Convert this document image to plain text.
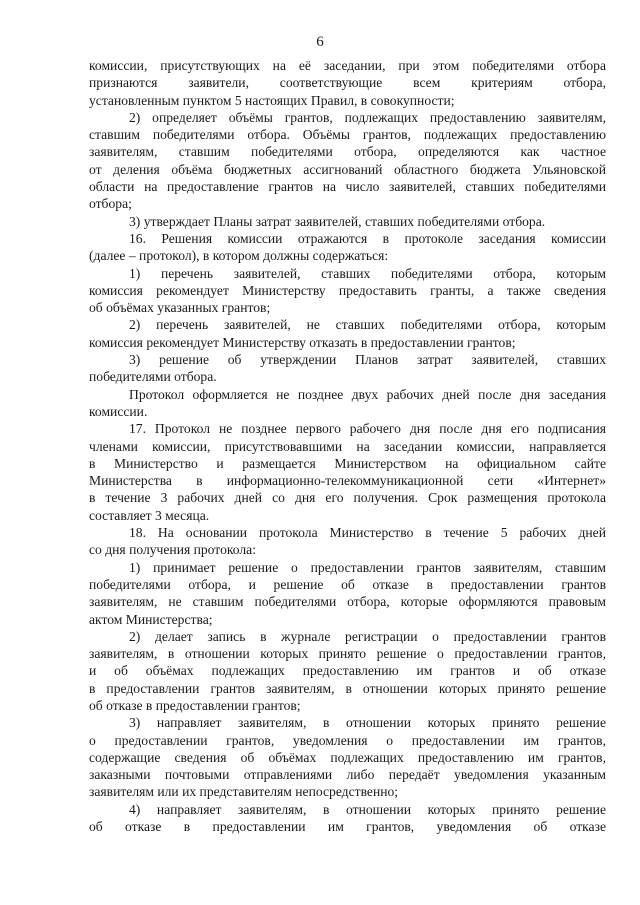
6
комиссии, присутствующих на её заседании, при этом победителями отбора
признаются заявители, соответствующие всем критериям отбора,
установленным пунктом 5 настоящих Правил, в совокупности;
2) определяет объёмы грантов, подлежащих предоставлению заявителям,
ставшим победителями отбора. Объёмы грантов, подлежащих предоставлению
заявителям, ставшим победителями отбора, определяются как частное
от деления объёма бюджетных ассигнований областного бюджета Ульяновской
области на предоставление грантов на число заявителей, ставших победителями
отбора;
3) утверждает Планы затрат заявителей, ставших победителями отбора.
16. Решения комиссии отражаются в протоколе заседания комиссии
(далее – протокол), в котором должны содержаться:
1) перечень заявителей, ставших победителями отбора, которым
комиссия рекомендует Министерству предоставить гранты, а также сведения
об объёмах указанных грантов;
2) перечень заявителей, не ставших победителями отбора, которым
комиссия рекомендует Министерству отказать в предоставлении грантов;
3) решение об утверждении Планов затрат заявителей, ставших
победителями отбора.
Протокол оформляется не позднее двух рабочих дней после дня заседания
комиссии.
17. Протокол не позднее первого рабочего дня после дня его подписания
членами комиссии, присутствовавшими на заседании комиссии, направляется
в Министерство и размещается Министерством на официальном сайте
Министерства в информационно-телекоммуникационной сети «Интернет»
в течение 3 рабочих дней со дня его получения. Срок размещения протокола
составляет 3 месяца.
18. На основании протокола Министерство в течение 5 рабочих дней
со дня получения протокола:
1) принимает решение о предоставлении грантов заявителям, ставшим
победителями отбора, и решение об отказе в предоставлении грантов
заявителям, не ставшим победителями отбора, которые оформляются правовым
актом Министерства;
2) делает запись в журнале регистрации о предоставлении грантов
заявителям, в отношении которых принято решение о предоставлении грантов,
и об объёмах подлежащих предоставлению им грантов и об отказе
в предоставлении грантов заявителям, в отношении которых принято решение
об отказе в предоставлении грантов;
3) направляет заявителям, в отношении которых принято решение
о предоставлении грантов, уведомления о предоставлении им грантов,
содержащие сведения об объёмах подлежащих предоставлению им грантов,
заказными почтовыми отправлениями либо передаёт уведомления указанным
заявителям или их представителям непосредственно;
4) направляет заявителям, в отношении которых принято решение
об отказе в предоставлении им грантов, уведомления об отказе
